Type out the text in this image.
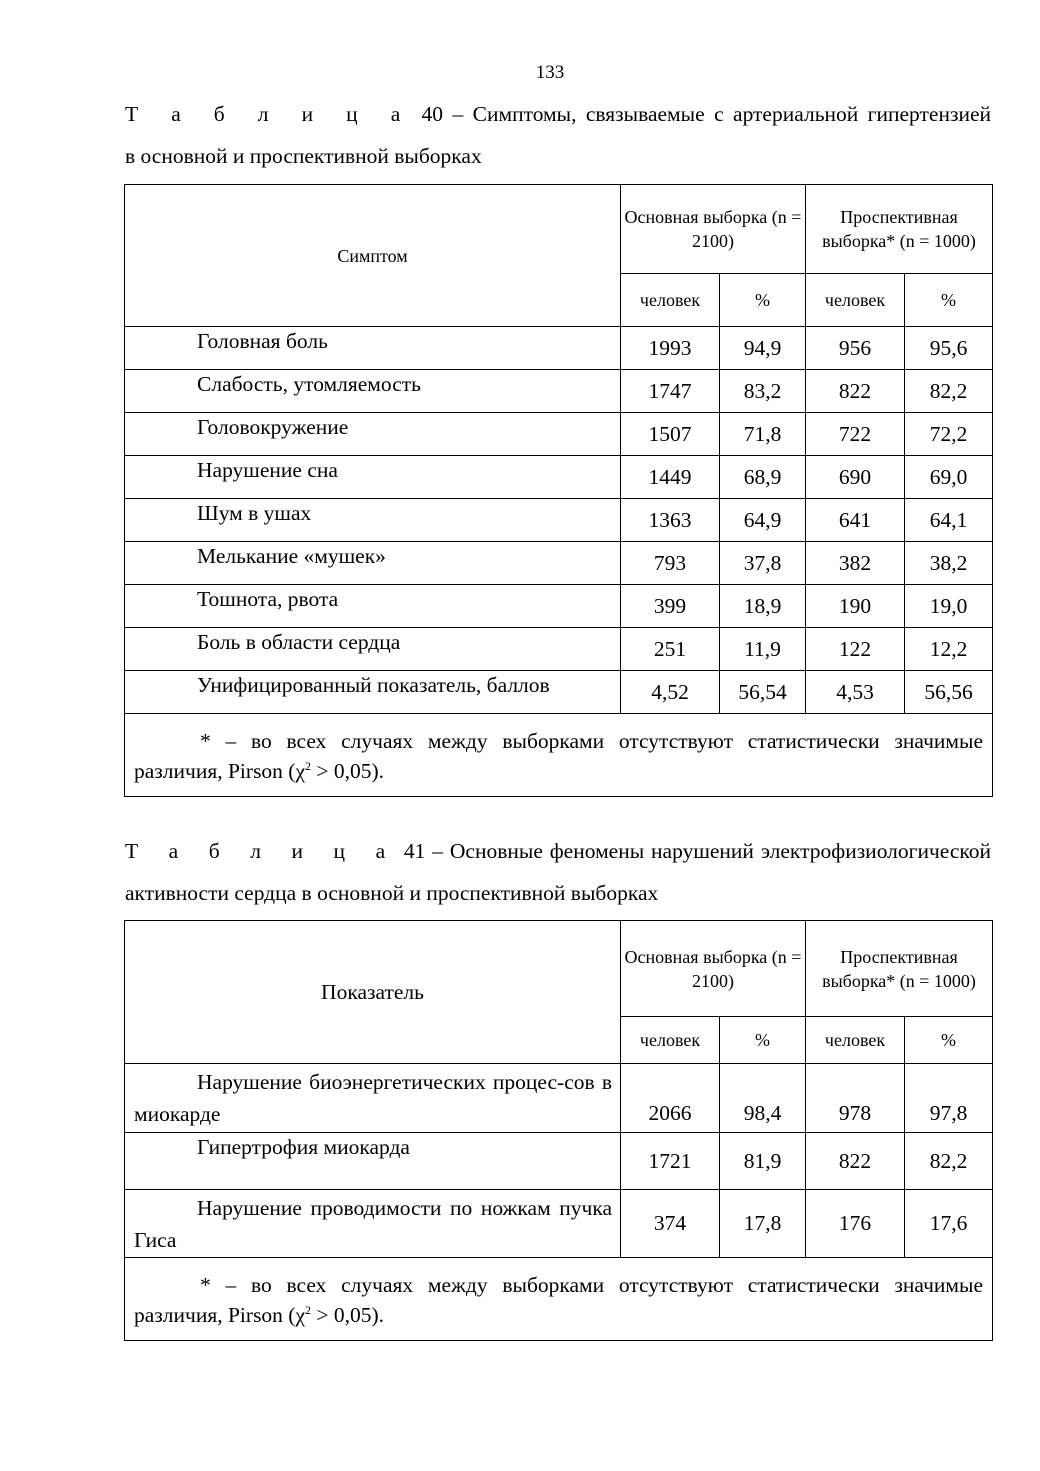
133
Т а б л и ц а 40 – Симптомы, связываемые с артериальной гипертензией
в основной и проспективной выборках
Симптом	Основная выборка (n = 2100)		Проспективная выборка* (n = 1000)	
	человек	%	человек	%
Головная боль	1993	94,9	956	95,6
Слабость, утомляемость	1747	83,2	822	82,2
Головокружение	1507	71,8	722	72,2
Нарушение сна	1449	68,9	690	69,0
Шум в ушах	1363	64,9	641	64,1
Мелькание «мушек»	793	37,8	382	38,2
Тошнота, рвота	399	18,9	190	19,0
Боль в области сердца	251	11,9	122	12,2
Унифицированный показатель, баллов	4,52	56,54	4,53	56,56
* – во всех случаях между выборками отсутствуют статистически значимые различия, Pirson $(\chi^2 > 0,05)$.				
Т а б л и ц а 41 – Основные феномены нарушений электрофизиологической
активности сердца в основной и проспективной выборках
Показатель	Основная выборка (n = 2100)		Проспективная выборка* (n = 1000)	
	человек	%	человек	%
Нарушение биоэнергетических процес-сов в миокарде	2066	98,4	978	97,8
Гипертрофия миокарда	1721	81,9	822	82,2
Нарушение проводимости по ножкам пучка Гиса	374	17,8	176	17,6
* – во всех случаях между выборками отсутствуют статистически значимые различия, Pirson $(\chi^2 > 0,05)$.				
